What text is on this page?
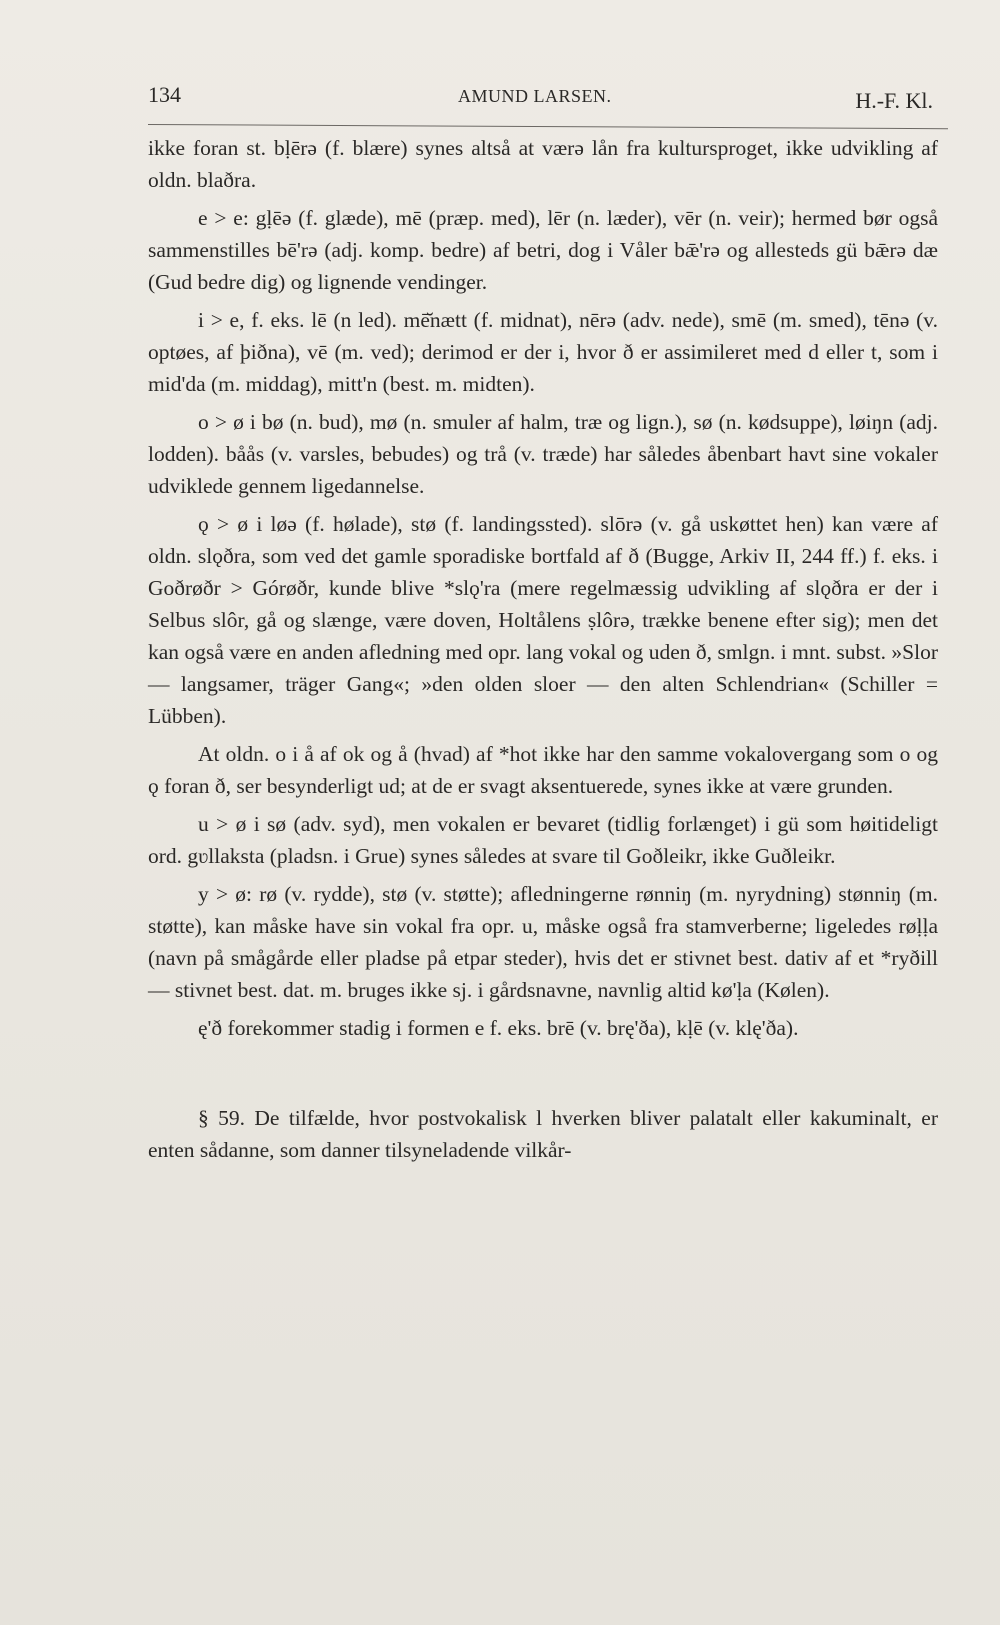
134	AMUND LARSEN.	H.-F. Kl.

ikke foran st. bḷērə (f. blære) synes altså at værə lån fra kultursproget, ikke udvikling af oldn. blaðra.

e > e: gḷēə (f. glæde), mē (præp. med), lēr (n. læder), vēr (n. veir); hermed bør også sammenstilles bē'rə (adj. komp. bedre) af betri, dog i Våler bǣ'rə og allesteds gü bǣrə dæ (Gud bedre dig) og lignende vendinger.

i > e, f. eks. lē (n led). mē̆nætt (f. midnat), nērə (adv. nede), smē (m. smed), tēnə (v. optøes, af þiðna), vē (m. ved); derimod er der i, hvor ð er assimileret med d eller t, som i mid'da (m. middag), mitt'n (best. m. midten).

o > ø i bø (n. bud), mø (n. smuler af halm, træ og lign.), sø (n. kødsuppe), løiŋn (adj. lodden). båås (v. varsles, bebudes) og trå (v. træde) har således åbenbart havt sine vokaler udviklede gennem ligedannelse.

ǫ > ø i løə (f. hølade), stø (f. landingssted). slōrə (v. gå uskøttet hen) kan være af oldn. slǫðra, som ved det gamle sporadiske bortfald af ð (Bugge, Arkiv II, 244 ff.) f. eks. i Goðrøðr > Górøðr, kunde blive *slǫ'ra (mere regelmæssig udvikling af slǫðra er der i Selbus slôr, gå og slænge, være doven, Holtålens ṣlôrə, trække benene efter sig); men det kan også være en anden afledning med opr. lang vokal og uden ð, smlgn. i mnt. subst. »Slor — langsamer, träger Gang«; »den olden sloer — den alten Schlendrian« (Schiller = Lübben).

At oldn. o i å af ok og å (hvad) af *hot ikke har den samme vokalovergang som o og ǫ foran ð, ser besynderligt ud; at de er svagt aksentuerede, synes ikke at være grunden.

u > ø i sø (adv. syd), men vokalen er bevaret (tidlig forlænget) i gü som høitideligt ord. gʋllakstа (pladsn. i Grue) synes således at svare til Goðleikr, ikke Guðleikr.

y > ø: rø (v. rydde), stø (v. støtte); afledningerne rønniŋ (m. nyrydning) stønniŋ (m. støtte), kan måske have sin vokal fra opr. u, måske også fra stamverberne; ligeledes røḷḷa (navn på smågårde eller pladse på etpar steder), hvis det er stivnet best. dativ af et *ryðill — stivnet best. dat. m. bruges ikke sj. i gårdsnavne, navnlig altid kø'ḷa (Kølen).

ę'ð forekommer stadig i formen e f. eks. brē (v. brę'ða), kḷē (v. klę'ða).

§ 59. De tilfælde, hvor postvokalisk l hverken bliver palatalt eller kakuminalt, er enten sådanne, som danner tilsyneladende vilkår-
